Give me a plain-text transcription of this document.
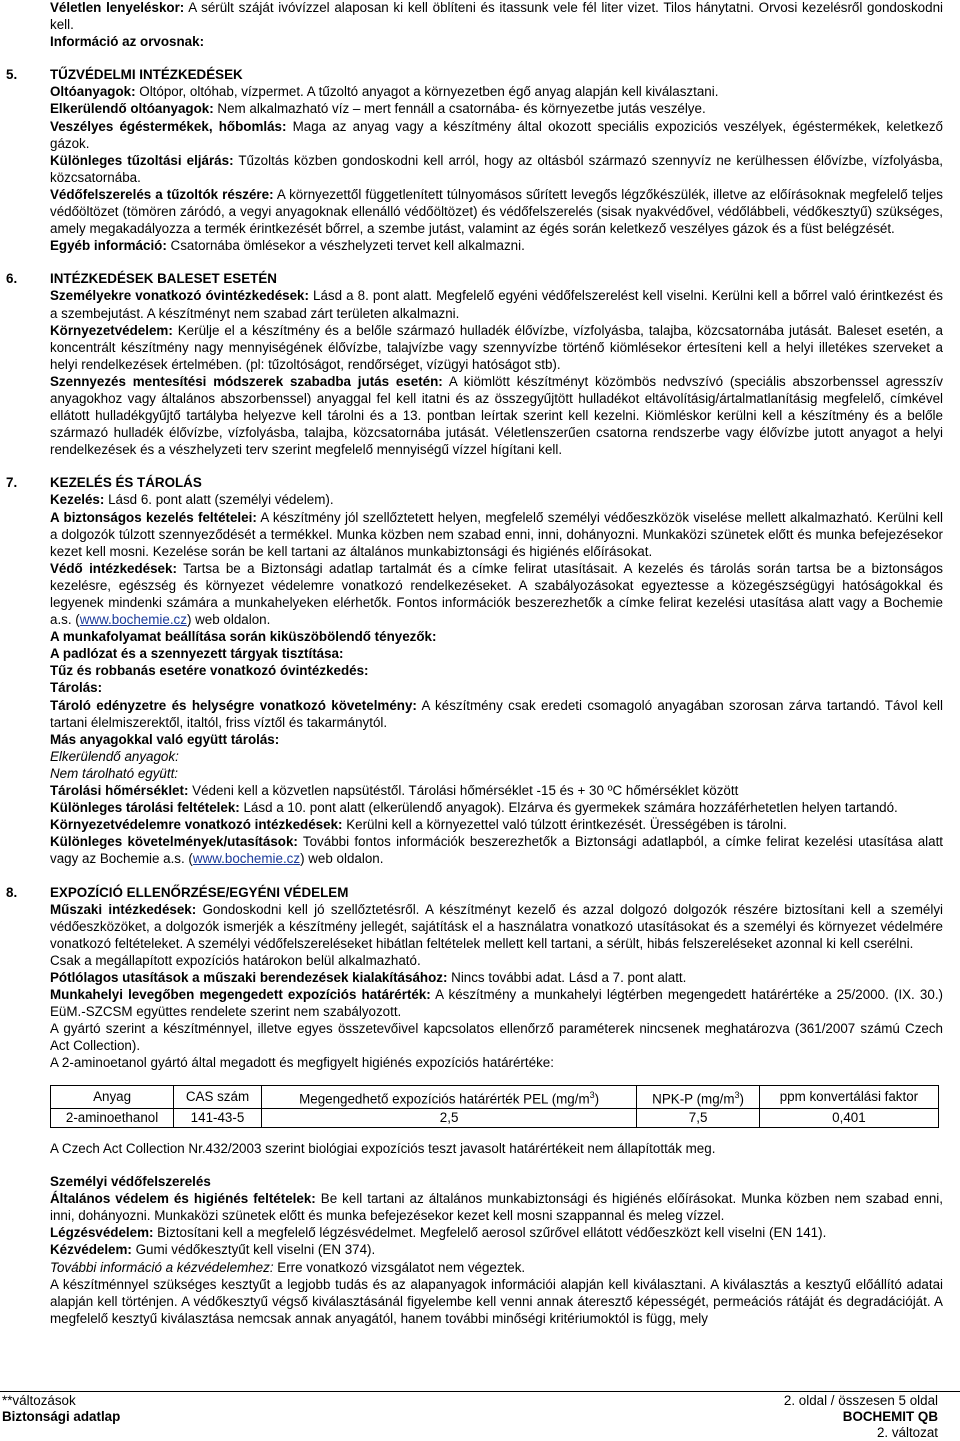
Véletlen lenyeléskor: A sérült száját ivóvízzel alaposan ki kell öblíteni és itassunk vele fél liter vizet. Tilos hánytatni. Orvosi kezelésről gondoskodni kell.

Információ az orvosnak:

5. TŰZVÉDELMI INTÉZKEDÉSEK

Oltóanyagok: Oltópor, oltóhab, vízpermet. A tűzoltó anyagot a környezetben égő anyag alapján kell kiválasztani.

Elkerülendő oltóanyagok: Nem alkalmazható víz – mert fennáll a csatornába- és környezetbe jutás veszélye.

Veszélyes égéstermékek, hőbomlás: Maga az anyag vagy a készítmény által okozott speciális expoziciós veszélyek, égéstermékek, keletkező gázok.

Különleges tűzoltási eljárás: Tűzoltás közben gondoskodni kell arról, hogy az oltásból származó szennyvíz ne kerülhessen élővízbe, vízfolyásba, közcsatornába.

Védőfelszerelés a tűzoltók részére: A környezettől függetlenített túlnyomásos sűrített levegős légzőkészülék, illetve az előírásoknak megfelelő teljes védőöltözet (tömören záródó, a vegyi anyagoknak ellenálló védőöltözet) és védőfelszerelés (sisak nyakvédővel, védőlábbeli, védőkesztyű) szükséges, amely megakadályozza a termék érintkezését bőrrel, a szembe jutást, valamint az égés során keletkező veszélyes gázok és a füst belégzését.

Egyéb információ: Csatornába ömlésekor a vészhelyzeti tervet kell alkalmazni.

6. INTÉZKEDÉSEK BALESET ESETÉN

Személyekre vonatkozó óvintézkedések: Lásd a 8. pont alatt. Megfelelő egyéni védőfelszerelést kell viselni. Kerülni kell a bőrrel való érintkezést és a szembejutást. A készítményt nem szabad zárt területen alkalmazni.

Környezetvédelem: Kerülje el a készítmény és a belőle származó hulladék élővízbe, vízfolyásba, talajba, közcsatornába jutását. Baleset esetén, a koncentrált készítmény nagy mennyiségének élővízbe, talajvízbe vagy szennyvízbe történő kiömlésekor értesíteni kell a helyi illetékes szerveket a helyi rendelkezések értelmében. (pl: tűzoltóságot, rendőrséget, vízügyi hatóságot stb).

Szennyezés mentesítési módszerek szabadba jutás esetén: A kiömlött készítményt közömbös nedvszívó (speciális abszorbenssel agresszív anyagokhoz vagy általános abszorbenssel) anyaggal fel kell itatni és az összegyűjtött hulladékot eltávolításig/ártalmatlanításig megfelelő, címkével ellátott hulladékgyűjtő tartályba helyezve kell tárolni és a 13. pontban leírtak szerint kell kezelni. Kiömléskor kerülni kell a készítmény és a belőle származó hulladék élővízbe, vízfolyásba, talajba, közcsatornába jutását. Véletlenszerűen csatorna rendszerbe vagy élővízbe jutott anyagot a helyi rendelkezések és a vészhelyzeti terv szerint megfelelő mennyiségű vízzel hígítani kell.

7. KEZELÉS ÉS TÁROLÁS

Kezelés: Lásd 6. pont alatt (személyi védelem).

A biztonságos kezelés feltételei: A készítmény jól szellőztetett helyen, megfelelő személyi védőeszközök viselése mellett alkalmazható. Kerülni kell a dolgozók túlzott szennyeződését a termékkel. Munka közben nem szabad enni, inni, dohányozni. Munkaközi szünetek előtt és munka befejezésekor kezet kell mosni. Kezelése során be kell tartani az általános munkabiztonsági és higiénés előírásokat.

Védő intézkedések: Tartsa be a Biztonsági adatlap tartalmát és a címke felirat utasításait. A kezelés és tárolás során tartsa be a biztonságos kezelésre, egészség és környezet védelemre vonatkozó rendelkezéseket. A szabályozásokat egyeztesse a közegészségügyi hatóságokkal és legyenek mindenki számára a munkahelyeken elérhetők. Fontos információk beszerezhetők a címke felirat kezelési utasítása alatt vagy a Bochemie a.s. (www.bochemie.cz) web oldalon.

A munkafolyamat beállítása során kiküszöbölendő tényezők:

A padlózat és a szennyezett tárgyak tisztítása:

Tűz és robbanás esetére vonatkozó óvintézkedés:

Tárolás:

Tároló edényzetre és helységre vonatkozó követelmény: A készítmény csak eredeti csomagoló anyagában szorosan zárva tartandó. Távol kell tartani élelmiszerektől, italtól, friss víztől és takarmánytól.

Más anyagokkal való együtt tárolás:

Elkerülendő anyagok:

Nem tárolható együtt:

Tárolási hőmérséklet: Védeni kell a közvetlen napsütéstől. Tárolási hőmérséklet -15 és + 30 ºC hőmérséklet között

Különleges tárolási feltételek: Lásd a 10. pont alatt (elkerülendő anyagok). Elzárva és gyermekek számára hozzáférhetetlen helyen tartandó.

Környezetvédelemre vonatkozó intézkedések: Kerülni kell a környezettel való túlzott érintkezését. Ürességében is tárolni.

Különleges követelmények/utasítások: További fontos információk beszerezhetők a Biztonsági adatlapból, a címke felirat kezelési utasítása alatt vagy az Bochemie a.s. (www.bochemie.cz) web oldalon.

8. EXPOZÍCIÓ ELLENŐRZÉSE/EGYÉNI VÉDELEM

Műszaki intézkedések: Gondoskodni kell jó szellőztetésről. A készítményt kezelő és azzal dolgozó dolgozók részére biztosítani kell a személyi védőeszközöket, a dolgozók ismerjék a készítmény jellegét, sajátításk el a használatra vonatkozó utasításokat és a személyi és környezet védelmére vonatkozó feltételeket. A személyi védőfelszereléseket hibátlan feltételek mellett kell tartani, a sérült, hibás felszereléseket azonnal ki kell cserélni.

Csak a megállapított expozíciós határokon belül alkalmazható.

Pótlólagos utasítások a műszaki berendezések kialakításához: Nincs további adat. Lásd a 7. pont alatt.

Munkahelyi levegőben megengedett expozíciós határérték: A készítmény a munkahelyi légtérben megengedett határértéke a 25/2000. (IX. 30.) EüM.-SZCSM együttes rendelete szerint nem szabályozott.

A gyártó szerint a készítménnyel, illetve egyes összetevőivel kapcsolatos ellenőrző paraméterek nincsenek meghatározva (361/2007 számú Czech Act Collection).

A 2-aminoetanol gyártó által megadott és megfigyelt higiénés expozíciós határértéke:

Anyag	CAS szám	Megengedhető expozíciós határérték PEL $(mg/m^3)$	NPK-P $(mg/m^3)$	ppm konvertálási faktor
2-aminoethanol	141-43-5	2,5	7,5	0,401

A Czech Act Collection Nr.432/2003 szerint biológiai expozíciós teszt javasolt határértékeit nem állapították meg.

Személyi védőfelszerelés

Általános védelem és higiénés feltételek: Be kell tartani az általános munkabiztonsági és higiénés előírásokat. Munka közben nem szabad enni, inni, dohányozni. Munkaközi szünetek előtt és munka befejezésekor kezet kell mosni szappannal és meleg vízzel.

Légzésvédelem: Biztosítani kell a megfelelő légzésvédelmet. Megfelelő aerosol szűrővel ellátott védőeszközt kell viselni (EN 141).

Kézvédelem: Gumi védőkesztyűt kell viselni (EN 374).

További információ a kézvédelemhez: Erre vonatkozó vizsgálatot nem végeztek.

A készítménnyel szükséges kesztyűt a legjobb tudás és az alapanyagok információi alapján kell kiválasztani. A kiválasztás a kesztyű előállító adatai alapján kell történjen. A védőkesztyű végső kiválasztásánál figyelembe kell venni annak áteresztő képességét, permeációs rátáját és degradációját. A megfelelő kesztyű kiválasztása nemcsak annak anyagától, hanem további minőségi kritériumoktól is függ, mely

**változások
Biztonsági adatlap
2. oldal / összesen 5 oldal
BOCHEMIT QB
2. változat
